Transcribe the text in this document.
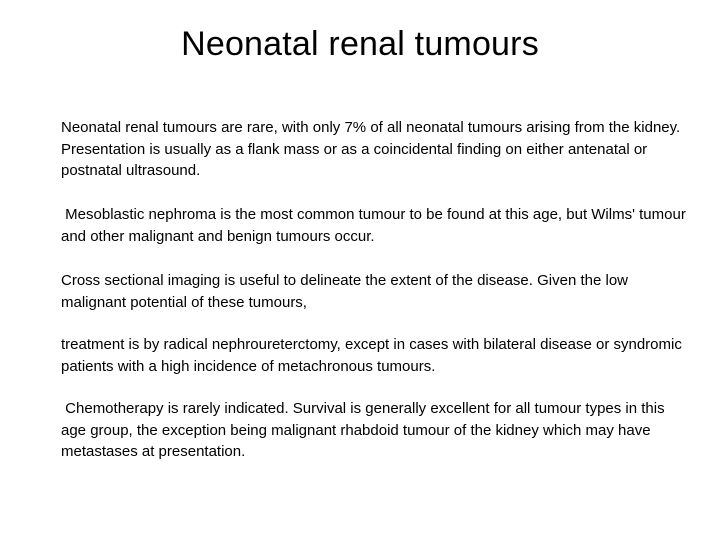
Neonatal renal tumours

Neonatal renal tumours are rare, with only 7% of all neonatal tumours arising from the kidney. Presentation is usually as a flank mass or as a coincidental finding on either antenatal or postnatal ultrasound.

Mesoblastic nephroma is the most common tumour to be found at this age, but Wilms' tumour and other malignant and benign tumours occur.

Cross sectional imaging is useful to delineate the extent of the disease. Given the low malignant potential of these tumours,

treatment is by radical nephroureterctomy, except in cases with bilateral disease or syndromic patients with a high incidence of metachronous tumours.

Chemotherapy is rarely indicated. Survival is generally excellent for all tumour types in this age group, the exception being malignant rhabdoid tumour of the kidney which may have metastases at presentation.
